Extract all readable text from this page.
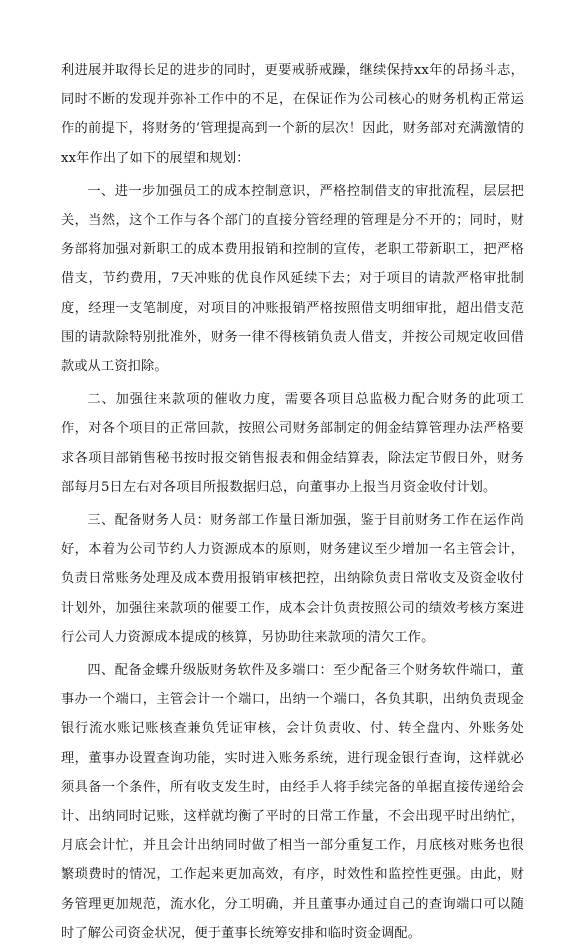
利进展并取得长足的进步的同时，更要戒骄戒躁，继续保持xx年的昂扬斗志，同时不断的发现并弥补工作中的不足，在保证作为公司核心的财务机构正常运作的前提下，将财务的’管理提高到一个新的层次！因此，财务部对充满激情的xx年作出了如下的展望和规划：

一、进一步加强员工的成本控制意识，严格控制借支的审批流程，层层把关，当然，这个工作与各个部门的直接分管经理的管理是分不开的；同时，财务部将加强对新职工的成本费用报销和控制的宣传，老职工带新职工，把严格借支，节约费用，7天冲账的优良作风延续下去；对于项目的请款严格审批制度，经理一支笔制度，对项目的冲账报销严格按照借支明细审批，超出借支范围的请款除特别批准外，财务一律不得核销负责人借支，并按公司规定收回借款或从工资扣除。

二、加强往来款项的催收力度，需要各项目总监极力配合财务的此项工作，对各个项目的正常回款，按照公司财务部制定的佣金结算管理办法严格要求各项目部销售秘书按时报交销售报表和佣金结算表，除法定节假日外，财务部每月5日左右对各项目所报数据归总，向董事办上报当月资金收付计划。

三、配备财务人员：财务部工作量日渐加强，鉴于目前财务工作在运作尚好，本着为公司节约人力资源成本的原则，财务建议至少增加一名主管会计，负责日常账务处理及成本费用报销审核把控，出纳除负责日常收支及资金收付计划外，加强往来款项的催要工作，成本会计负责按照公司的绩效考核方案进行公司人力资源成本提成的核算，另协助往来款项的清欠工作。

四、配备金蝶升级版财务软件及多端口：至少配备三个财务软件端口，董事办一个端口，主管会计一个端口，出纳一个端口，各负其职，出纳负责现金银行流水账记账核查兼负凭证审核，会计负责收、付、转全盘内、外账务处理，董事办设置查询功能，实时进入账务系统，进行现金银行查询，这样就必须具备一个条件，所有收支发生时，由经手人将手续完备的单据直接传递给会计、出纳同时记账，这样就均衡了平时的日常工作量，不会出现平时出纳忙，月底会计忙，并且会计出纳同时做了相当一部分重复工作，月底核对账务也很繁琐费时的情况，工作起来更加高效，有序，时效性和监控性更强。由此，财务管理更加规范，流水化，分工明确，并且董事办通过自己的查询端口可以随时了解公司资金状况，便于董事长统筹安排和临时资金调配。
